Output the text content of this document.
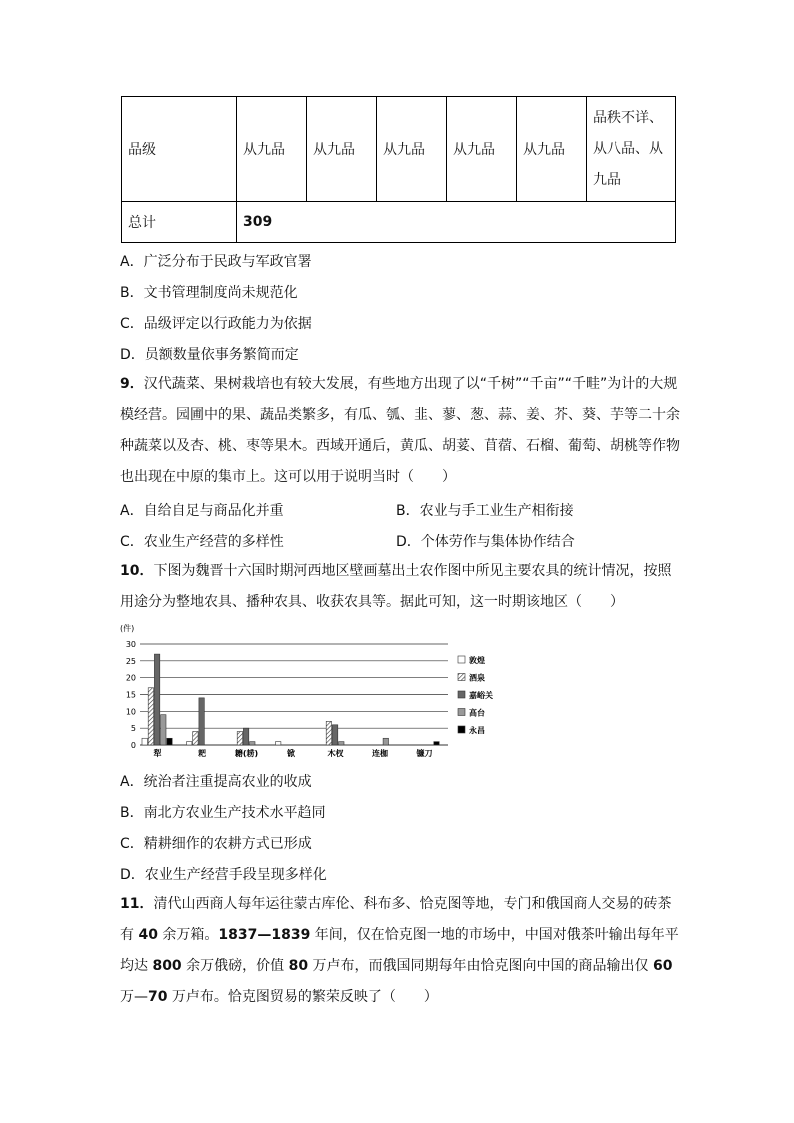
品级	从九品	从九品	从九品	从九品	从九品	品秩不详、从八品、从九品
总计	309					
A．广泛分布于民政与军政官署
B．文书管理制度尚未规范化
C．品级评定以行政能力为依据
D．员额数量依事务繁简而定
9．汉代蔬菜、果树栽培也有较大发展，有些地方出现了以“千树”“千亩”“千畦”为计的大规模经营。园圃中的果、蔬品类繁多，有瓜、瓠、韭、蓼、葱、蒜、姜、芥、葵、芋等二十余种蔬菜以及杏、桃、枣等果木。西域开通后，黄瓜、胡荽、苜蓿、石榴、葡萄、胡桃等作物也出现在中原的集市上。这可以用于说明当时（　　）
A．自给自足与商品化并重	B．农业与手工业生产相衔接
C．农业生产经营的多样性	D．个体劳作与集体协作结合
10．下图为魏晋十六国时期河西地区壁画墓出土农作图中所见主要农具的统计情况，按照用途分为整地农具、播种农具、收获农具等。据此可知，这一时期该地区（　　）
(件)
0
5
10
15
20
25
30
犁	耙	耱(耢)	锨	木杈	连枷	镰刀
敦煌
酒泉
嘉峪关
高台
永昌
A．统治者注重提高农业的收成
B．南北方农业生产技术水平趋同
C．精耕细作的农耕方式已形成
D．农业生产经营手段呈现多样化
11．清代山西商人每年运往蒙古库伦、科布多、恰克图等地，专门和俄国商人交易的砖茶有 40 余万箱。1837—1839 年间，仅在恰克图一地的市场中，中国对俄茶叶输出每年平均达 800 余万俄磅，价值 80 万卢布，而俄国同期每年由恰克图向中国的商品输出仅 60 万—70 万卢布。恰克图贸易的繁荣反映了（　　）
